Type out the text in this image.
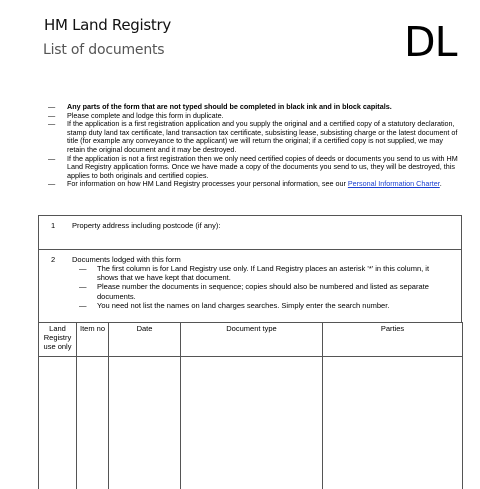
HM Land Registry
List of documents	DL
— Any parts of the form that are not typed should be completed in black ink and in block capitals.
— Please complete and lodge this form in duplicate.
— If the application is a first registration application and you supply the original and a certified copy of a statutory declaration, stamp duty land tax certificate, land transaction tax certificate, subsisting lease, subsisting charge or the latest document of title (for example any conveyance to the applicant) we will return the original; if a certified copy is not supplied, we may retain the original document and it may be destroyed.
— If the application is not a first registration then we only need certified copies of deeds or documents you send to us with HM Land Registry application forms. Once we have made a copy of the documents you send to us, they will be destroyed, this applies to both originals and certified copies.
— For information on how HM Land Registry processes your personal information, see our Personal Information Charter.
1 Property address including postcode (if any):
2 Documents lodged with this form
— The first column is for Land Registry use only. If Land Registry places an asterisk '*' in this column, it shows that we have kept that document.
— Please number the documents in sequence; copies should also be numbered and listed as separate documents.
— You need not list the names on land charges searches. Simply enter the search number.
Land Registry use only	Item no	Date	Document type	Parties
